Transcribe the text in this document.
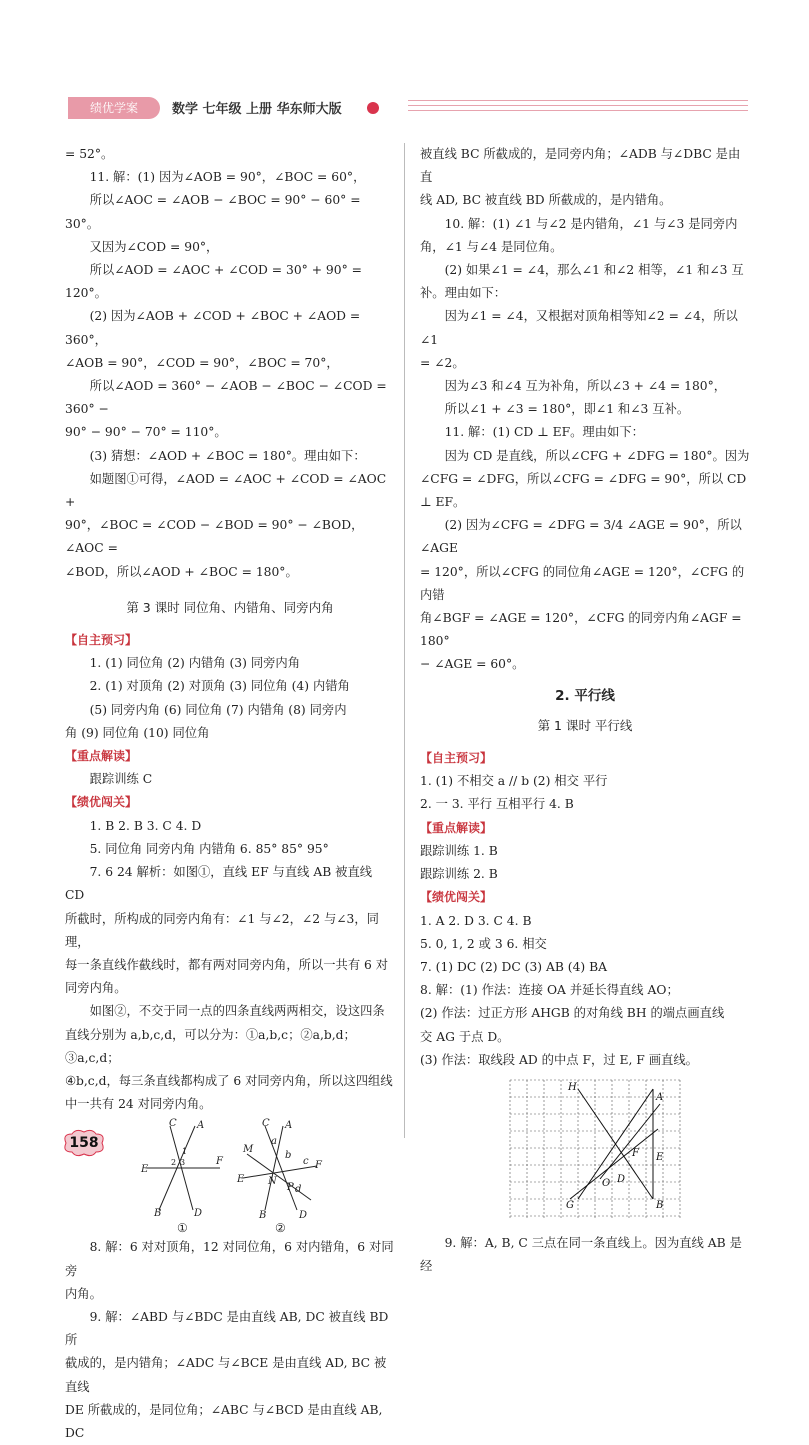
绩优学案	数学 七年级 上册 华东师大版

= 52°。

11. 解：(1) 因为∠AOB = 90°，∠BOC = 60°，

所以∠AOC = ∠AOB − ∠BOC = 90° − 60° = 30°。

又因为∠COD = 90°，

所以∠AOD = ∠AOC + ∠COD = 30° + 90° = 120°。

(2) 因为∠AOB + ∠COD + ∠BOC + ∠AOD = 360°，

∠AOB = 90°，∠COD = 90°，∠BOC = 70°，

所以∠AOD = 360° − ∠AOB − ∠BOC − ∠COD = 360° −

90° − 90° − 70° = 110°。

(3) 猜想：∠AOD + ∠BOC = 180°。理由如下：

如题图①可得，∠AOD = ∠AOC + ∠COD = ∠AOC +

90°，∠BOC = ∠COD − ∠BOD = 90° − ∠BOD，∠AOC =

∠BOD，所以∠AOD + ∠BOC = 180°。

第 3 课时 同位角、内错角、同旁内角

【自主预习】

1. (1) 同位角 (2) 内错角 (3) 同旁内角

2. (1) 对顶角 (2) 对顶角 (3) 同位角 (4) 内错角

(5) 同旁内角 (6) 同位角 (7) 内错角 (8) 同旁内

角 (9) 同位角 (10) 同位角

【重点解读】

跟踪训练 C

【绩优闯关】

1. B 2. B 3. C 4. D

5. 同位角 同旁内角 内错角 6. 85° 85° 95°

7. 6 24 解析：如图①，直线 EF 与直线 AB 被直线 CD

所截时，所构成的同旁内角有：∠1 与∠2，∠2 与∠3，同理，

每一条直线作截线时，都有两对同旁内角，所以一共有 6 对

同旁内角。

如图②，不交于同一点的四条直线两两相交，设这四条

直线分别为 a,b,c,d，可以分为：①a,b,c；②a,b,d；③a,c,d；

④b,c,d，每三条直线都构成了 6 对同旁内角，所以这四组线

中一共有 24 对同旁内角。

C A
E
F
B	D
1
2 3
①
C A
a
M
b
c
E N
P
F
d
B	D
②

8. 解：6 对对顶角，12 对同位角，6 对内错角，6 对同旁

内角。

9. 解：∠ABD 与∠BDC 是由直线 AB, DC 被直线 BD 所

截成的，是内错角；∠ADC 与∠BCE 是由直线 AD, BC 被直线

DE 所截成的，是同位角；∠ABC 与∠BCD 是由直线 AB, DC

被直线 BC 所截成的，是同旁内角；∠ADB 与∠DBC 是由直

线 AD, BC 被直线 BD 所截成的，是内错角。

10. 解：(1) ∠1 与∠2 是内错角，∠1 与∠3 是同旁内

角，∠1 与∠4 是同位角。

(2) 如果∠1 = ∠4，那么∠1 和∠2 相等，∠1 和∠3 互

补。理由如下：

因为∠1 = ∠4，又根据对顶角相等知∠2 = ∠4，所以∠1

= ∠2。

因为∠3 和∠4 互为补角，所以∠3 + ∠4 = 180°，

所以∠1 + ∠3 = 180°，即∠1 和∠3 互补。

11. 解：(1) CD ⊥ EF。理由如下：

因为 CD 是直线，所以∠CFG + ∠DFG = 180°。因为

∠CFG = ∠DFG，所以∠CFG = ∠DFG = 90°，所以 CD ⊥ EF。

(2) 因为∠CFG = ∠DFG = 3/4 ∠AGE = 90°，所以∠AGE

= 120°，所以∠CFG 的同位角∠AGE = 120°，∠CFG 的内错

角∠BGF = ∠AGE = 120°，∠CFG 的同旁内角∠AGF = 180°

− ∠AGE = 60°。

2. 平行线

第 1 课时 平行线

【自主预习】

1. (1) 不相交 a // b (2) 相交 平行

2. 一 3. 平行 互相平行 4. B

【重点解读】

跟踪训练 1. B

跟踪训练 2. B

【绩优闯关】

1. A 2. D 3. C 4. B

5. 0, 1, 2 或 3 6. 相交

7. (1) DC (2) DC (3) AB (4) BA

8. 解：(1) 作法：连接 OA 并延长得直线 AO；

(2) 作法：过正方形 AHGB 的对角线 BH 的端点画直线

交 AG 于点 D。

(3) 作法：取线段 AD 的中点 F，过 E, F 画直线。

H
A
E
F
O D
G	B

9. 解：A, B, C 三点在同一条直线上。因为直线 AB 是经

158
